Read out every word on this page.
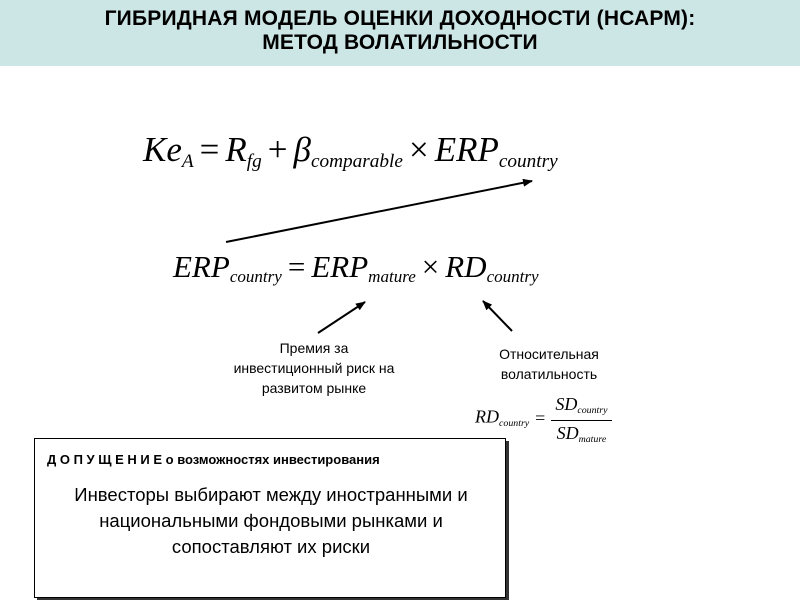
ГИБРИДНАЯ МОДЕЛЬ ОЦЕНКИ ДОХОДНОСТИ (НСАРМ):
МЕТОД ВОЛАТИЛЬНОСТИ
$Ke_A = R_{fg} + \beta_{comparable} \times ERP_{country}$
$ERP_{country} = ERP_{mature} \times RD_{country}$
$RD_{country} = \frac{SD_{country}}{SD_{mature}}$
Премия за инвестиционный риск на развитом рынке
Относительная волатильность
Д О П У Щ Е Н И Е о возможностях инвестирования
Инвесторы выбирают между иностранными и национальными фондовыми рынками и сопоставляют их риски
